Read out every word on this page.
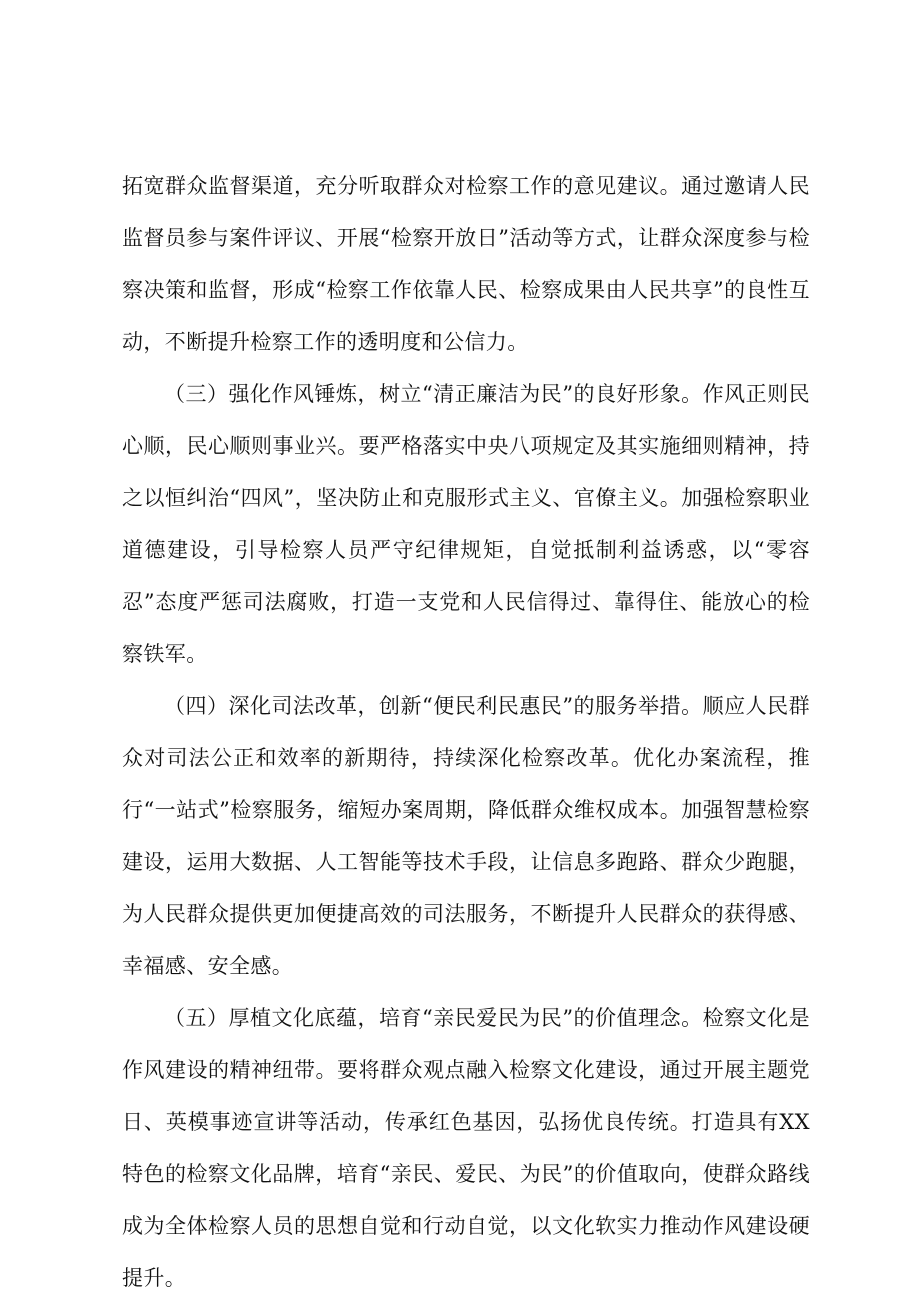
拓宽群众监督渠道，充分听取群众对检察工作的意见建议。通过邀请人民监督员参与案件评议、开展“检察开放日”活动等方式，让群众深度参与检察决策和监督，形成“检察工作依靠人民、检察成果由人民共享”的良性互动，不断提升检察工作的透明度和公信力。

（三）强化作风锤炼，树立“清正廉洁为民”的良好形象。作风正则民心顺，民心顺则事业兴。要严格落实中央八项规定及其实施细则精神，持之以恒纠治“四风”，坚决防止和克服形式主义、官僚主义。加强检察职业道德建设，引导检察人员严守纪律规矩，自觉抵制利益诱惑，以“零容忍”态度严惩司法腐败，打造一支党和人民信得过、靠得住、能放心的检察铁军。

（四）深化司法改革，创新“便民利民惠民”的服务举措。顺应人民群众对司法公正和效率的新期待，持续深化检察改革。优化办案流程，推行“一站式”检察服务，缩短办案周期，降低群众维权成本。加强智慧检察建设，运用大数据、人工智能等技术手段，让信息多跑路、群众少跑腿，为人民群众提供更加便捷高效的司法服务，不断提升人民群众的获得感、幸福感、安全感。

（五）厚植文化底蕴，培育“亲民爱民为民”的价值理念。检察文化是作风建设的精神纽带。要将群众观点融入检察文化建设，通过开展主题党日、英模事迹宣讲等活动，传承红色基因，弘扬优良传统。打造具有XX特色的检察文化品牌，培育“亲民、爱民、为民”的价值取向，使群众路线成为全体检察人员的思想自觉和行动自觉，以文化软实力推动作风建设硬提升。
